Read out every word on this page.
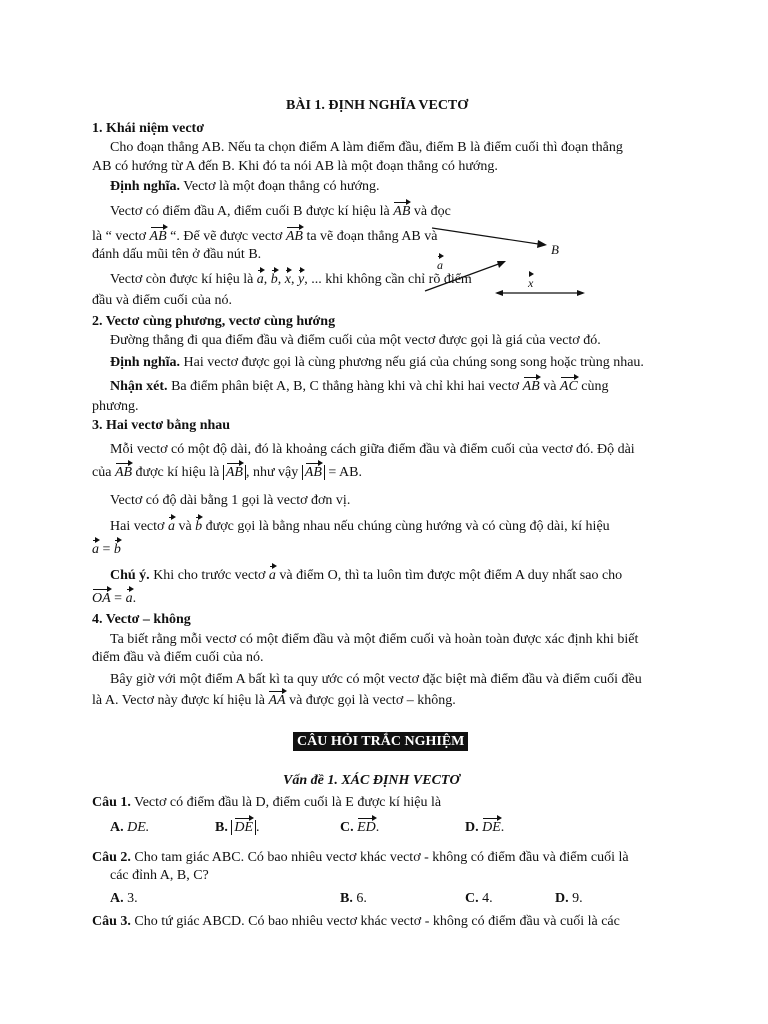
BÀI 1. ĐỊNH NGHĨA VECTƠ
1. Khái niệm vectơ
Cho đoạn thẳng AB. Nếu ta chọn điểm A làm điểm đầu, điểm B là điểm cuối thì đoạn thẳng
AB có hướng từ A đến B. Khi đó ta nói AB là một đoạn thẳng có hướng.
Định nghĩa. Vectơ là một đoạn thẳng có hướng.
Vectơ có điểm đầu A, điểm cuối B được kí hiệu là AB và đọc
là “ vectơ AB “. Để vẽ được vectơ AB ta vẽ đoạn thẳng AB và
đánh dấu mũi tên ở đầu nút B.
Vectơ còn được kí hiệu là a, b, x, y, ... khi không cần chỉ rõ điểm
đầu và điểm cuối của nó.
B
a
x
2. Vectơ cùng phương, vectơ cùng hướng
Đường thẳng đi qua điểm đầu và điểm cuối của một vectơ được gọi là giá của vectơ đó.
Định nghĩa. Hai vectơ được gọi là cùng phương nếu giá của chúng song song hoặc trùng nhau.
Nhận xét. Ba điểm phân biệt A, B, C thẳng hàng khi và chỉ khi hai vectơ AB và AC cùng
phương.
3. Hai vectơ bằng nhau
Mỗi vectơ có một độ dài, đó là khoảng cách giữa điểm đầu và điểm cuối của vectơ đó. Độ dài
của AB được kí hiệu là AB , như vậy AB = AB.
Vectơ có độ dài bằng 1 gọi là vectơ đơn vị.
Hai vectơ a và b được gọi là bằng nhau nếu chúng cùng hướng và có cùng độ dài, kí hiệu
a = b
Chú ý. Khi cho trước vectơ a và điểm O, thì ta luôn tìm được một điểm A duy nhất sao cho
OA = a.
4. Vectơ – không
Ta biết rằng mỗi vectơ có một điểm đầu và một điểm cuối và hoàn toàn được xác định khi biết
điểm đầu và điểm cuối của nó.
Bây giờ với một điểm A bất kì ta quy ước có một vectơ đặc biệt mà điểm đầu và điểm cuối đều
là A. Vectơ này được kí hiệu là AA và được gọi là vectơ – không.
CÂU HỎI TRẮC NGHIỆM
Vấn đề 1. XÁC ĐỊNH VECTƠ
Câu 1. Vectơ có điểm đầu là D, điểm cuối là E được kí hiệu là
A. DE.	B. DE .	C. ED.	D. DE.
Câu 2. Cho tam giác ABC. Có bao nhiêu vectơ khác vectơ - không có điểm đầu và điểm cuối là
các đỉnh A, B, C?
A. 3.	B. 6.	C. 4.	D. 9.
Câu 3. Cho tứ giác ABCD. Có bao nhiêu vectơ khác vectơ - không có điểm đầu và cuối là các
